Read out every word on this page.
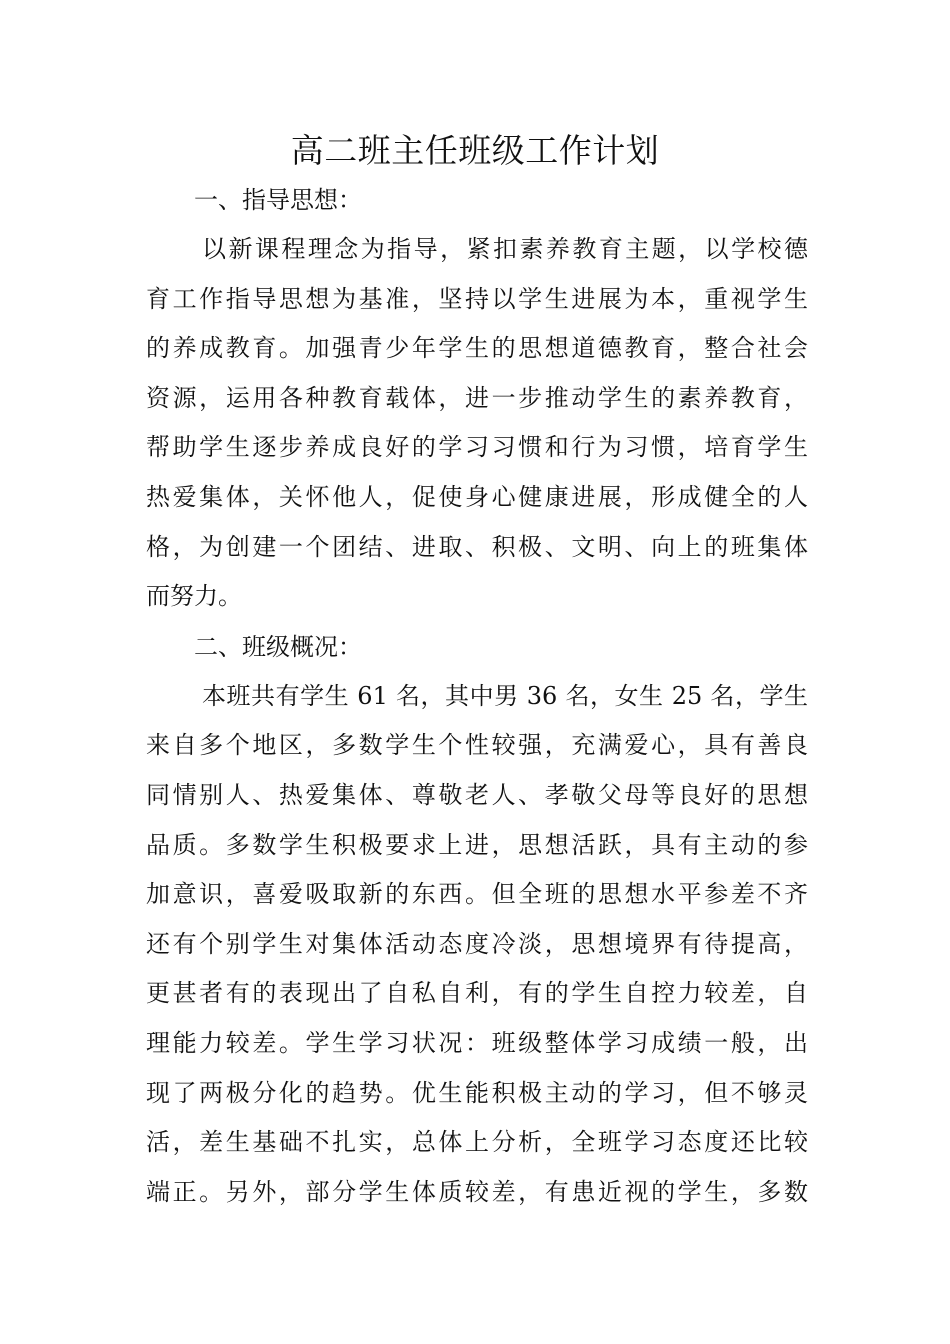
高二班主任班级工作计划

一、指导思想：

以新课程理念为指导，紧扣素养教育主题，以学校德
育工作指导思想为基准，坚持以学生进展为本，重视学生
的养成教育。加强青少年学生的思想道德教育，整合社会
资源，运用各种教育载体，进一步推动学生的素养教育，
帮助学生逐步养成良好的学习习惯和行为习惯，培育学生
热爱集体，关怀他人，促使身心健康进展，形成健全的人
格，为创建一个团结、进取、积极、文明、向上的班集体
而努力。

二、班级概况：

本班共有学生 61 名，其中男 36 名，女生 25 名，学生
来自多个地区，多数学生个性较强，充满爱心，具有善良
同情别人、热爱集体、尊敬老人、孝敬父母等良好的思想
品质。多数学生积极要求上进，思想活跃，具有主动的参
加意识，喜爱吸取新的东西。但全班的思想水平参差不齐
还有个别学生对集体活动态度冷淡，思想境界有待提高，
更甚者有的表现出了自私自利，有的学生自控力较差，自
理能力较差。学生学习状况：班级整体学习成绩一般，出
现了两极分化的趋势。优生能积极主动的学习，但不够灵
活，差生基础不扎实，总体上分析，全班学习态度还比较
端正。另外，部分学生体质较差，有患近视的学生，多数
